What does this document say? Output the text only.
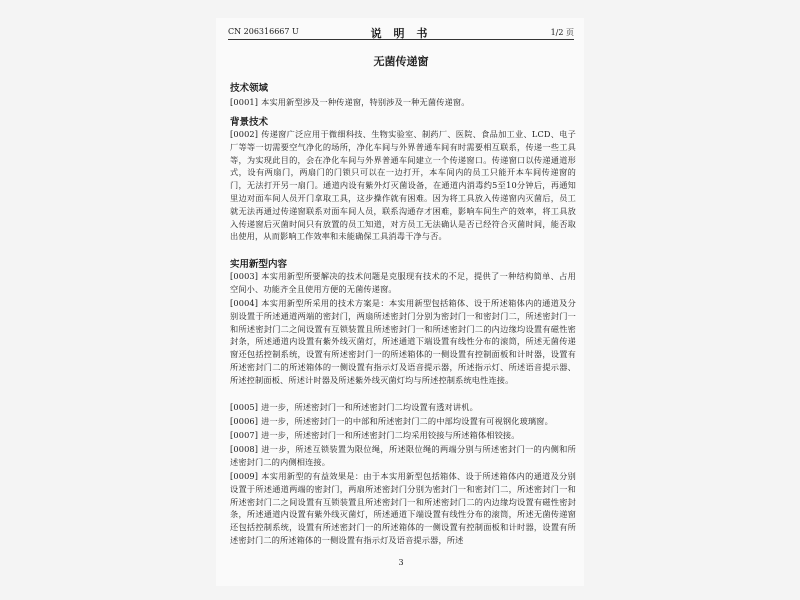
CN 206316667 U	说 明 书	1/2 页
无菌传递窗
技术领域
[0001] 本实用新型涉及一种传递窗，特别涉及一种无菌传递窗。
背景技术
[0002] 传递窗广泛应用于微细科技、生物实验室、制药厂、医院、食品加工业、LCD、电子厂等等一切需要空气净化的场所，净化车间与外界普通车间有时需要相互联系，传递一些工具等，为实现此目的，会在净化车间与外界普通车间建立一个传递窗口。传递窗口以传递通道形式，设有两扇门，两扇门的门锁只可以在一边打开，本车间内的员工只能开本车间传递窗的门，无法打开另一扇门。通道内设有紫外灯灭菌设备，在通道内消毒约5至10分钟后，再通知里边对面车间人员开门拿取工具，这步操作就有困难。因为将工具放入传递窗内灭菌后，员工就无法再通过传递窗联系对面车间人员，联系沟通存才困难，影响车间生产的效率，将工具放入传递窗后灭菌时间只有放置的员工知道，对方员工无法确认是否已经符合灭菌时间，能否取出使用，从而影响工作效率和未能确保工具消毒干净与否。
实用新型内容
[0003] 本实用新型所要解决的技术问题是克服现有技术的不足，提供了一种结构简单、占用空间小、功能齐全且使用方便的无菌传递窗。
[0004] 本实用新型所采用的技术方案是：本实用新型包括箱体、设于所述箱体内的通道及分别设置于所述通道两端的密封门，两扇所述密封门分别为密封门一和密封门二，所述密封门一和所述密封门二之间设置有互锁装置且所述密封门一和所述密封门二的内边缘均设置有磁性密封条，所述通道内设置有紫外线灭菌灯，所述通道下端设置有线性分布的滚筒，所述无菌传递窗还包括控制系统，设置有所述密封门一的所述箱体的一侧设置有控制面板和计时器，设置有所述密封门二的所述箱体的一侧设置有指示灯及语音提示器，所述指示灯、所述语音提示器、所述控制面板、所述计时器及所述紫外线灭菌灯均与所述控制系统电性连接。
[0005] 进一步，所述密封门一和所述密封门二均设置有透对讲机。
[0006] 进一步，所述密封门一的中部和所述密封门二的中部均设置有可视钢化玻璃窗。
[0007] 进一步，所述密封门一和所述密封门二均采用铰接与所述箱体相铰接。
[0008] 进一步，所述互锁装置为限位绳，所述限位绳的两端分别与所述密封门一的内侧和所述密封门二的内侧相连接。
[0009] 本实用新型的有益效果是：由于本实用新型包括箱体、设于所述箱体内的通道及分别设置于所述通道两端的密封门，两扇所述密封门分别为密封门一和密封门二，所述密封门一和所述密封门二之间设置有互锁装置且所述密封门一和所述密封门二的内边缘均设置有磁性密封条，所述通道内设置有紫外线灭菌灯，所述通道下端设置有线性分布的滚筒，所述无菌传递窗还包括控制系统，设置有所述密封门一的所述箱体的一侧设置有控制面板和计时器，设置有所述密封门二的所述箱体的一侧设置有指示灯及语音提示器，所述
3
